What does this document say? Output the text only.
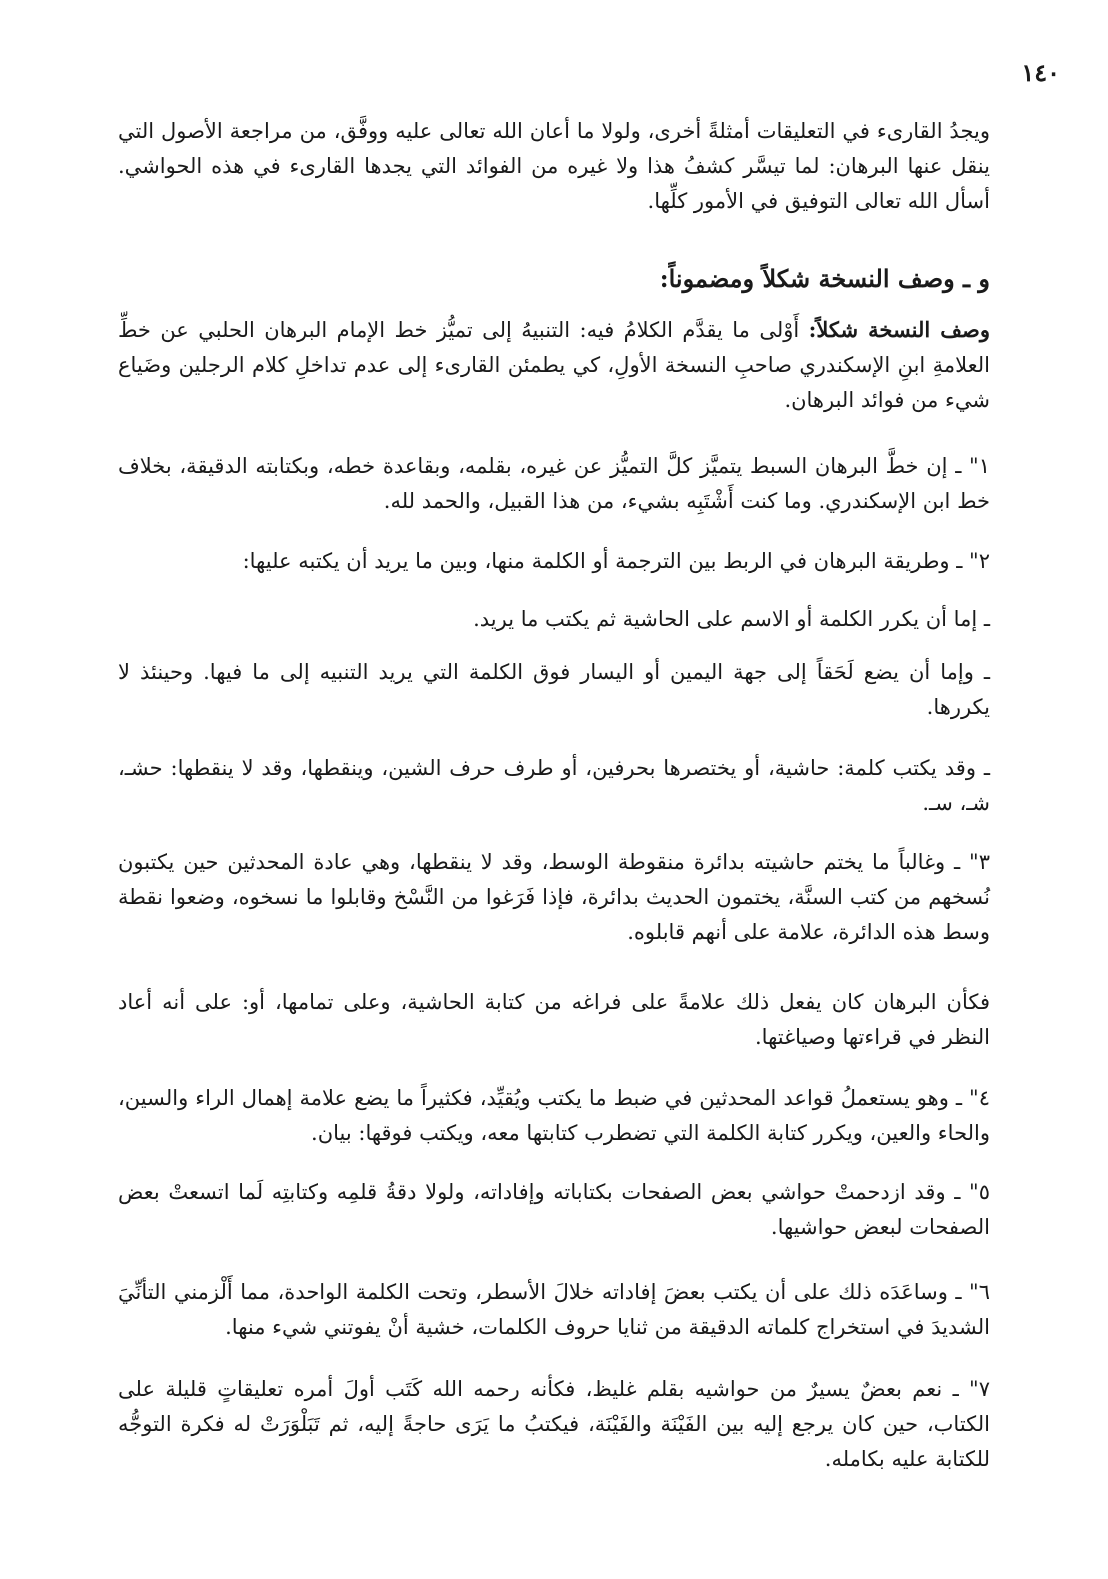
١٤٠
ويجدُ القارىء في التعليقات أمثلةً أخرى، ولولا ما أعان الله تعالى عليه ووفَّق، من مراجعة الأصول التي ينقل عنها البرهان: لما تيسَّر كشفُ هذا ولا غيره من الفوائد التي يجدها القارىء في هذه الحواشي. أسأل الله تعالى التوفيق في الأمور كلِّها.
و ـ وصف النسخة شكلاً ومضموناً:
وصف النسخة شكلاً: أَوْلى ما يقدَّم الكلامُ فيه: التنبيهُ إلى تميُّز خط الإمام البرهان الحلبي عن خطِّ العلامةِ ابنِ الإسكندري صاحبِ النسخة الأولِ، كي يطمئن القارىء إلى عدم تداخلِ كلام الرجلين وضَياع شيء من فوائد البرهان.
١" ـ إن خطَّ البرهان السبط يتميَّز كلَّ التميُّز عن غيره، بقلمه، وبقاعدة خطه، وبكتابته الدقيقة، بخلاف خط ابن الإسكندري. وما كنت أَشْتَبِه بشيء، من هذا القبيل، والحمد لله.
٢" ـ وطريقة البرهان في الربط بين الترجمة أو الكلمة منها، وبين ما يريد أن يكتبه عليها:
ـ إما أن يكرر الكلمة أو الاسم على الحاشية ثم يكتب ما يريد.
ـ وإما أن يضع لَحَقاً إلى جهة اليمين أو اليسار فوق الكلمة التي يريد التنبيه إلى ما فيها. وحينئذ لا يكررها.
ـ وقد يكتب كلمة: حاشية، أو يختصرها بحرفين، أو طرف حرف الشين، وينقطها، وقد لا ينقطها: حشـ، شـ، سـ.
٣" ـ وغالباً ما يختم حاشيته بدائرة منقوطة الوسط، وقد لا ينقطها، وهي عادة المحدثين حين يكتبون نُسخهم من كتب السنَّة، يختمون الحديث بدائرة، فإذا فَرَغوا من النَّسْخ وقابلوا ما نسخوه، وضعوا نقطة وسط هذه الدائرة، علامة على أنهم قابلوه.
فكأن البرهان كان يفعل ذلك علامةً على فراغه من كتابة الحاشية، وعلى تمامها، أو: على أنه أعاد النظر في قراءتها وصياغتها.
٤" ـ وهو يستعملُ قواعد المحدثين في ضبط ما يكتب ويُقيِّد، فكثيراً ما يضع علامة إهمال الراء والسين، والحاء والعين، ويكرر كتابة الكلمة التي تضطرب كتابتها معه، ويكتب فوقها: بيان.
٥" ـ وقد ازدحمتْ حواشي بعض الصفحات بكتاباته وإفاداته، ولولا دقةُ قلمِه وكتابتِه لَما اتسعتْ بعض الصفحات لبعض حواشيها.
٦" ـ وساعَدَه ذلك على أن يكتب بعضَ إفاداته خلالَ الأسطر، وتحت الكلمة الواحدة، مما أَلْزمني التأنِّيَ الشديدَ في استخراج كلماته الدقيقة من ثنايا حروف الكلمات، خشية أنْ يفوتني شيء منها.
٧" ـ نعم بعضٌ يسيرٌ من حواشيه بقلم غليظ، فكأنه رحمه الله كَتَب أولَ أمره تعليقاتٍ قليلة على الكتاب، حين كان يرجع إليه بين الفَيْنَة والفَيْنَة، فيكتبُ ما يَرَى حاجةً إليه، ثم تَبَلْوَرَتْ له فكرة التوجُّه للكتابة عليه بكامله.
